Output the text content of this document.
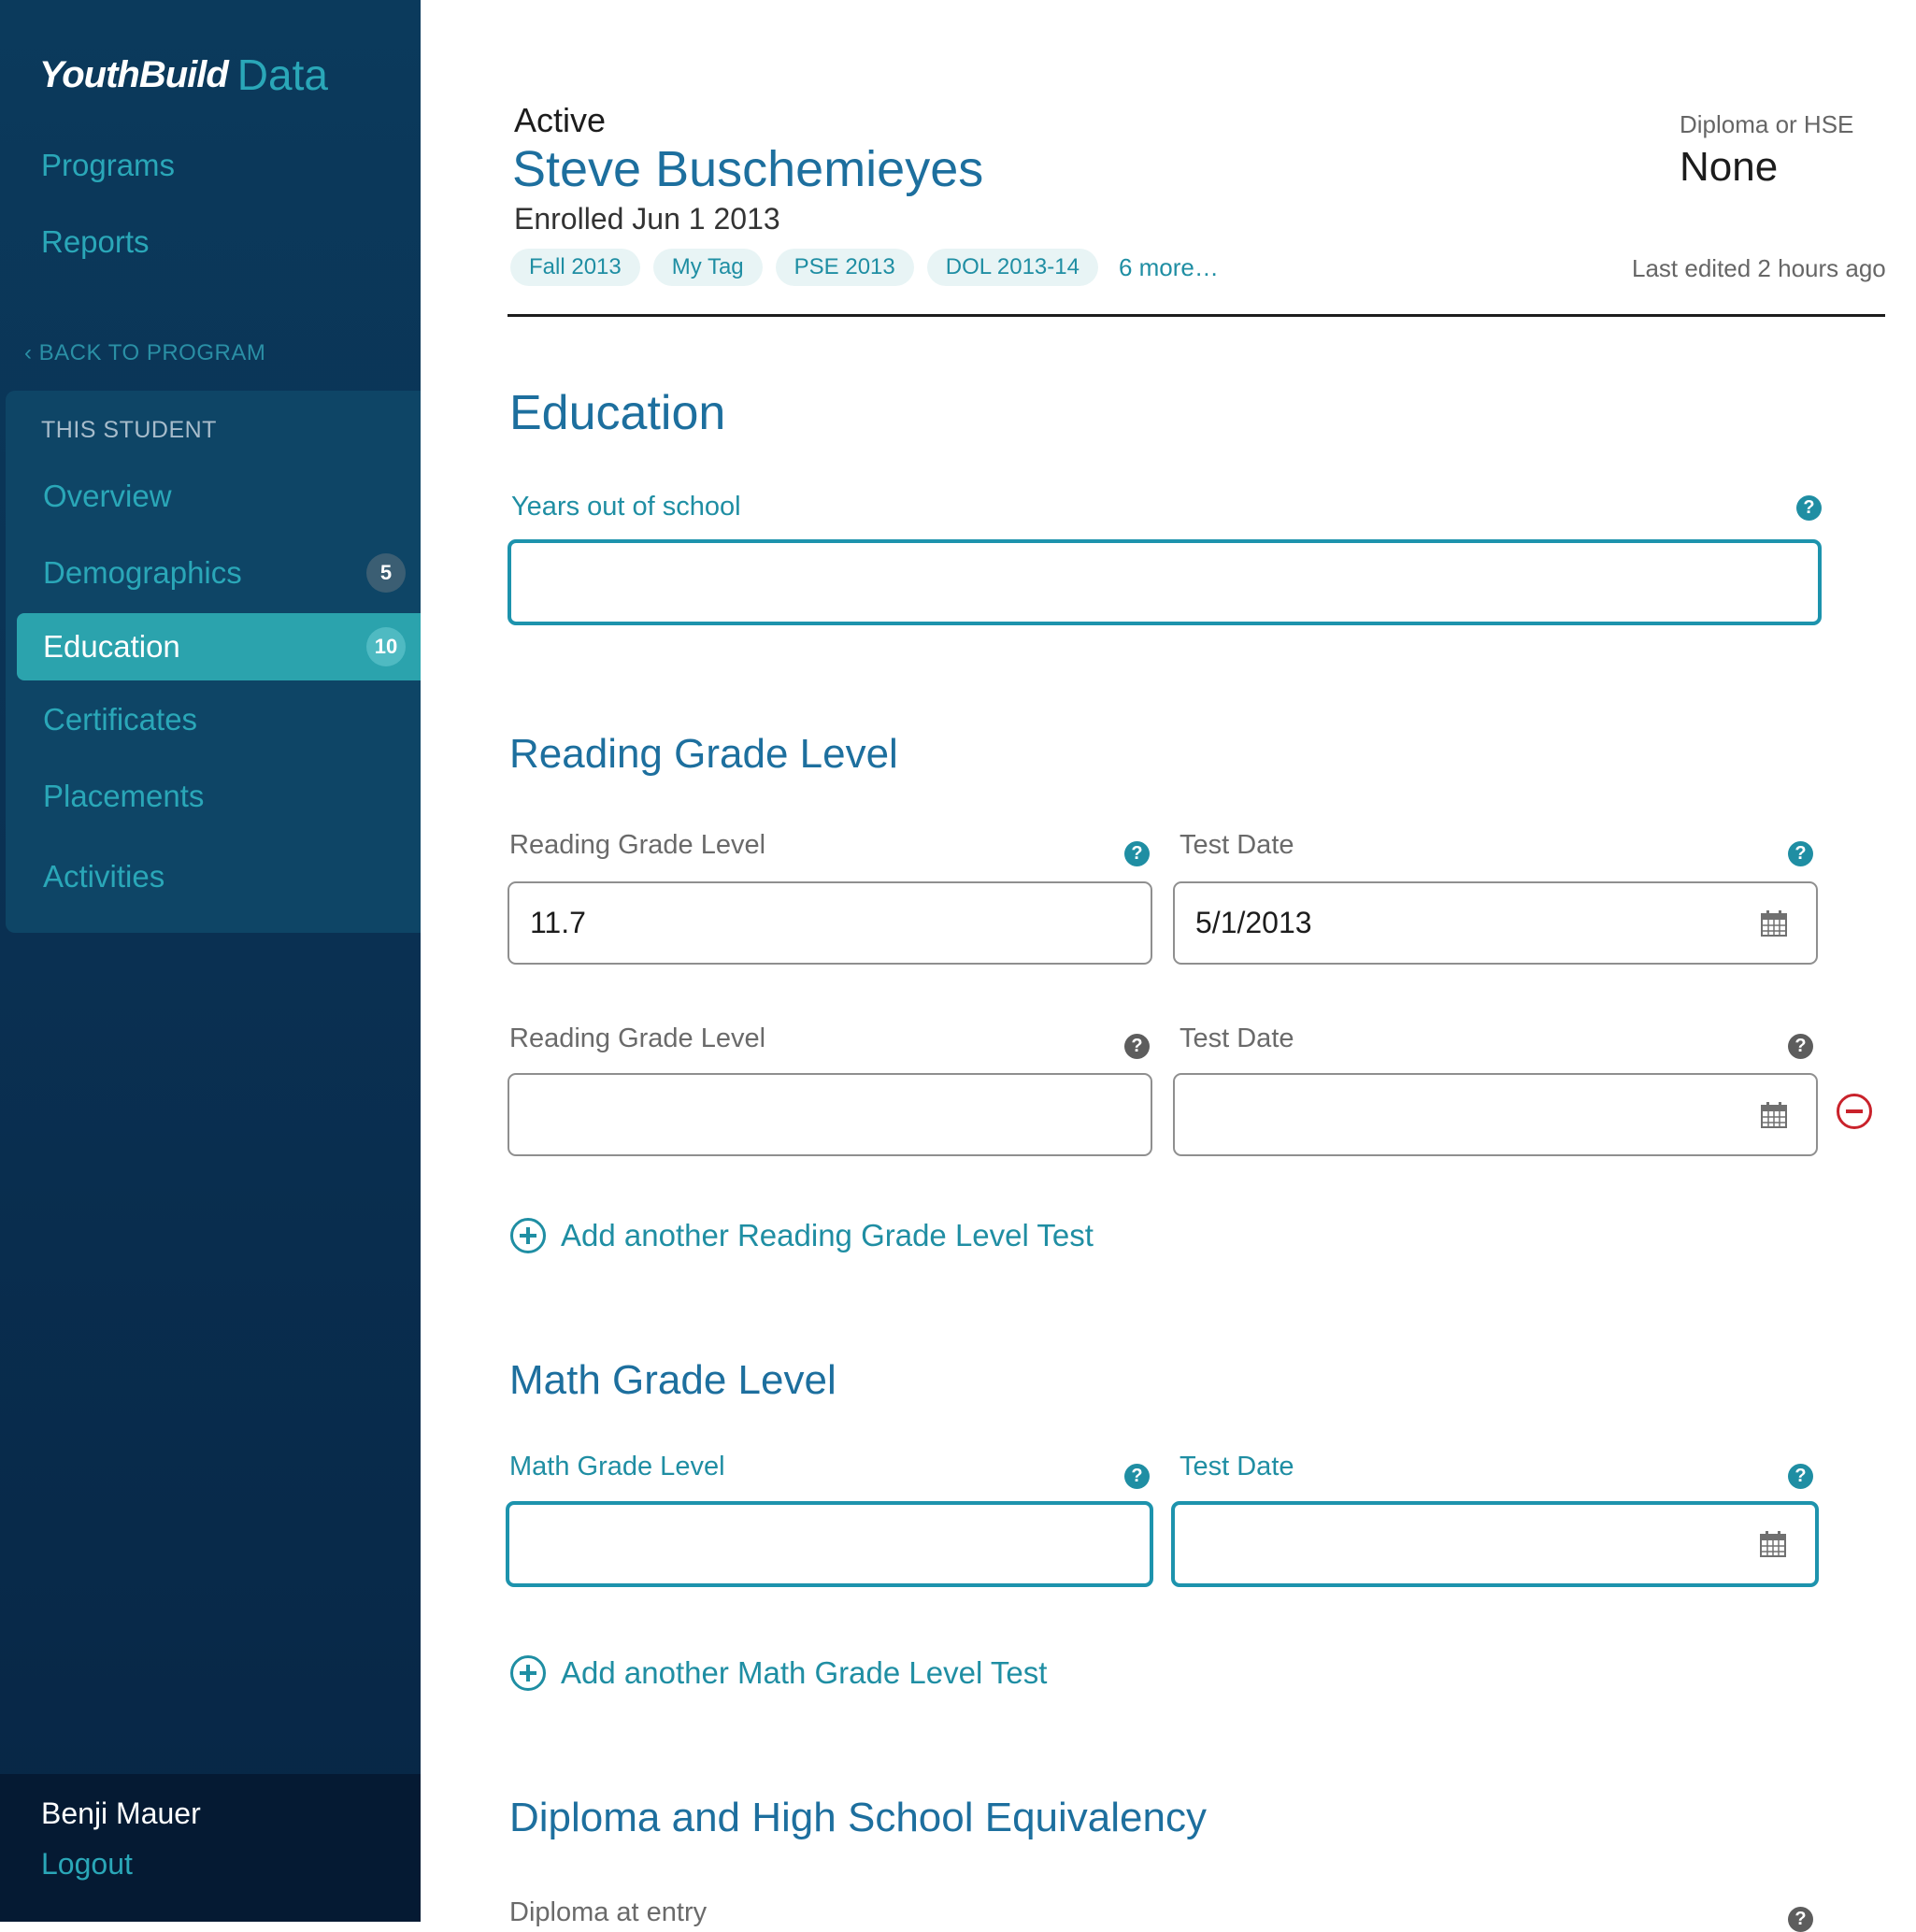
YouthBuild Data
Programs
Reports
‹ BACK TO PROGRAM
THIS STUDENT
Overview
Demographics	5
Education	10
Certificates
Placements
Activities
Benji Mauer
Logout
Active
Steve Buschemieyes
Enrolled Jun 1 2013
Fall 2013	My Tag	PSE 2013	DOL 2013-14	6 more…
Diploma or HSE
None
Last edited 2 hours ago
Education
Years out of school	?
Reading Grade Level
Reading Grade Level	? Test Date	?
11.7	5/1/2013
Reading Grade Level	? Test Date	?
Add another Reading Grade Level Test
Math Grade Level
Math Grade Level	? Test Date	?
Add another Math Grade Level Test
Diploma and High School Equivalency
Diploma at entry	?
